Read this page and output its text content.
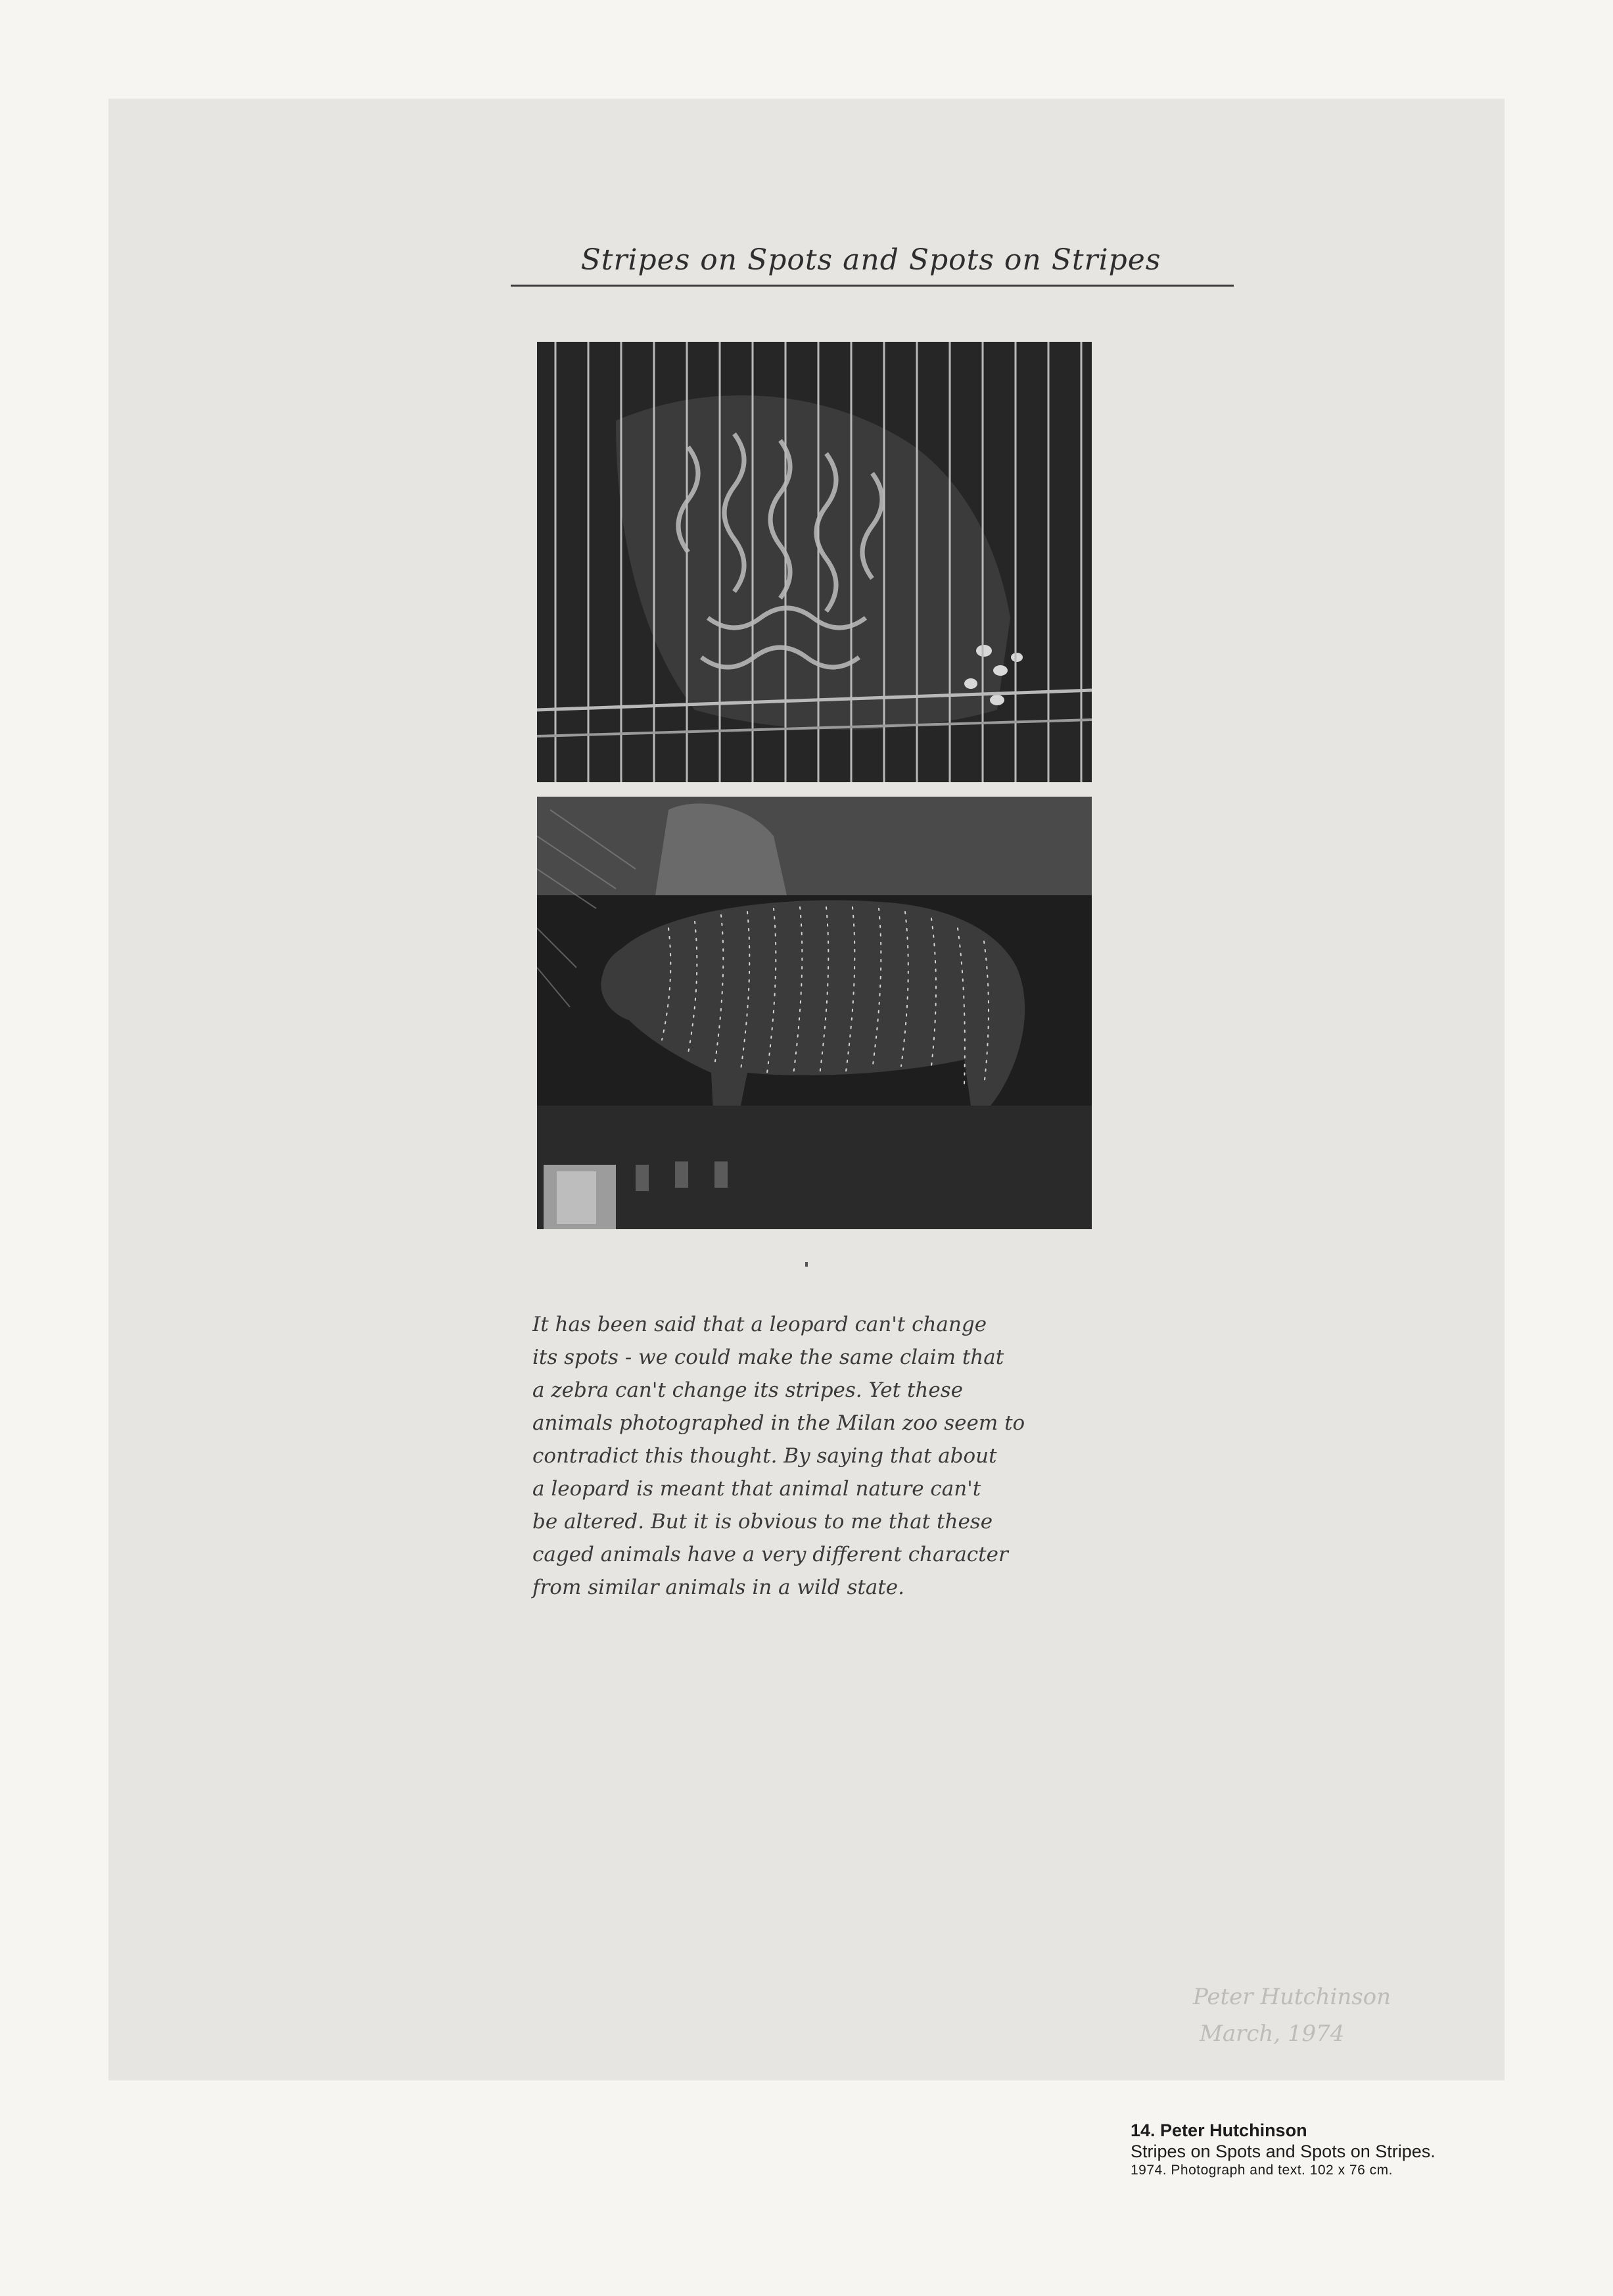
Stripes on Spots and Spots on Stripes
It has been said that a leopard can't change
its spots - we could make the same claim that
a zebra can't change its stripes. Yet these
animals photographed in the Milan zoo seem to
contradict this thought. By saying that about
a leopard is meant that animal nature can't
be altered. But it is obvious to me that these
caged animals have a very different character
from similar animals in a wild state.
Peter Hutchinson
March, 1974
14. Peter Hutchinson

Stripes on Spots and Spots on Stripes.

1974. Photograph and text. 102 x 76 cm.
